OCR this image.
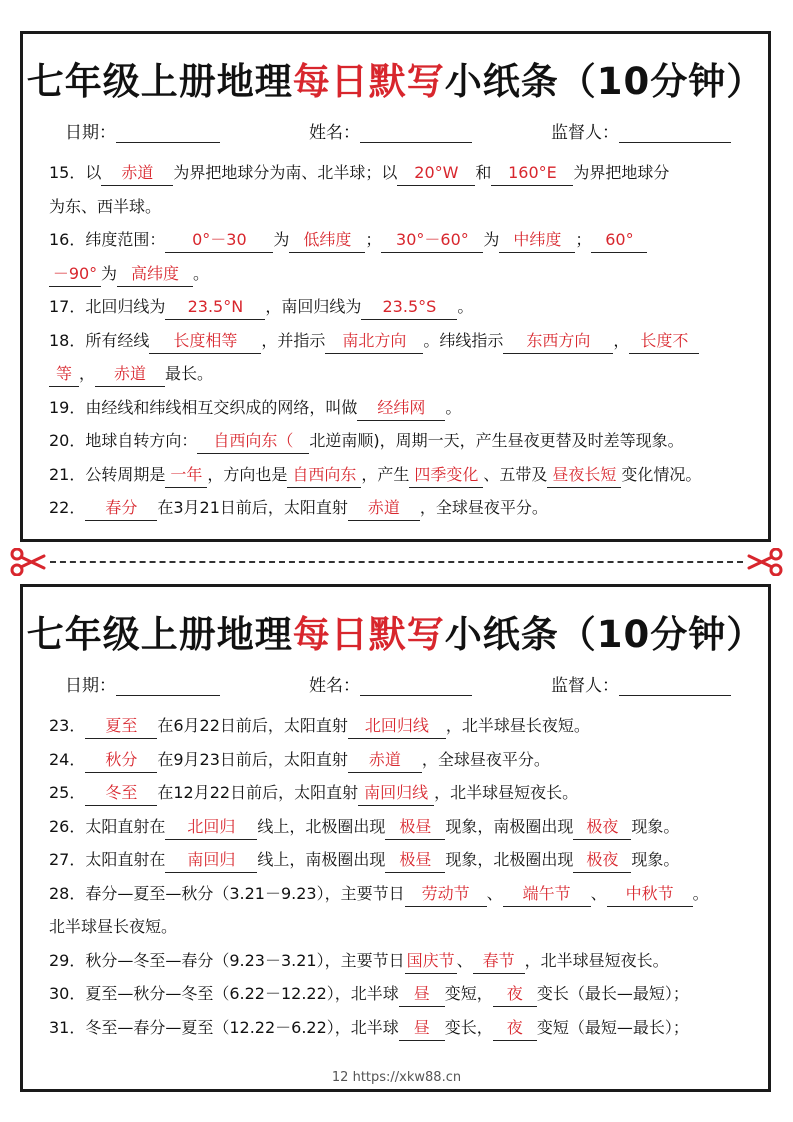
七年级上册地理每日默写小纸条（10分钟）
日期：	姓名：	监督人：
15．以 赤道 为界把地球分为南、北半球；以 20°W 和 160°E 为界把地球分
为东、西半球。
16．纬度范围： 0°－30 为 低纬度 ； 30°－60° 为 中纬度 ； 60°
－90° 为 高纬度 。
17．北回归线为 23.5°N ，南回归线为 23.5°S 。
18．所有经线 长度相等 ，并指示 南北方向 。纬线指示 东西方向 ， 长度不
等 ， 赤道 最长。
19．由经线和纬线相互交织成的网络，叫做 经纬网 。
20．地球自转方向： 自西向东（ 北逆南顺)，周期一天，产生昼夜更替及时差等现象。
21．公转周期是 一年 ，方向也是 自西向东 ，产生 四季变化 、五带及 昼夜长短 变化情况。
22． 春分 在3月21日前后，太阳直射 赤道 ，全球昼夜平分。
七年级上册地理每日默写小纸条（10分钟）
日期：	姓名：	监督人：
23． 夏至 在6月22日前后，太阳直射 北回归线 ，北半球昼长夜短。
24． 秋分 在9月23日前后，太阳直射 赤道 ，全球昼夜平分。
25． 冬至 在12月22日前后，太阳直射 南回归线 ，北半球昼短夜长。
26．太阳直射在 北回归 线上，北极圈出现 极昼 现象，南极圈出现 极夜 现象。
27．太阳直射在 南回归 线上，南极圈出现 极昼 现象，北极圈出现 极夜 现象。
28．春分—夏至—秋分（3.21－9.23），主要节日 劳动节 、 端午节 、 中秋节 。
北半球昼长夜短。
29．秋分—冬至—春分（9.23－3.21），主要节日 国庆节 、 春节 ，北半球昼短夜长。
30．夏至—秋分—冬至（6.22－12.22），北半球 昼 变短， 夜 变长（最长—最短）；
31．冬至—春分—夏至（12.22－6.22），北半球 昼 变长， 夜 变短（最短—最长）；
12 https://xkw88.cn
